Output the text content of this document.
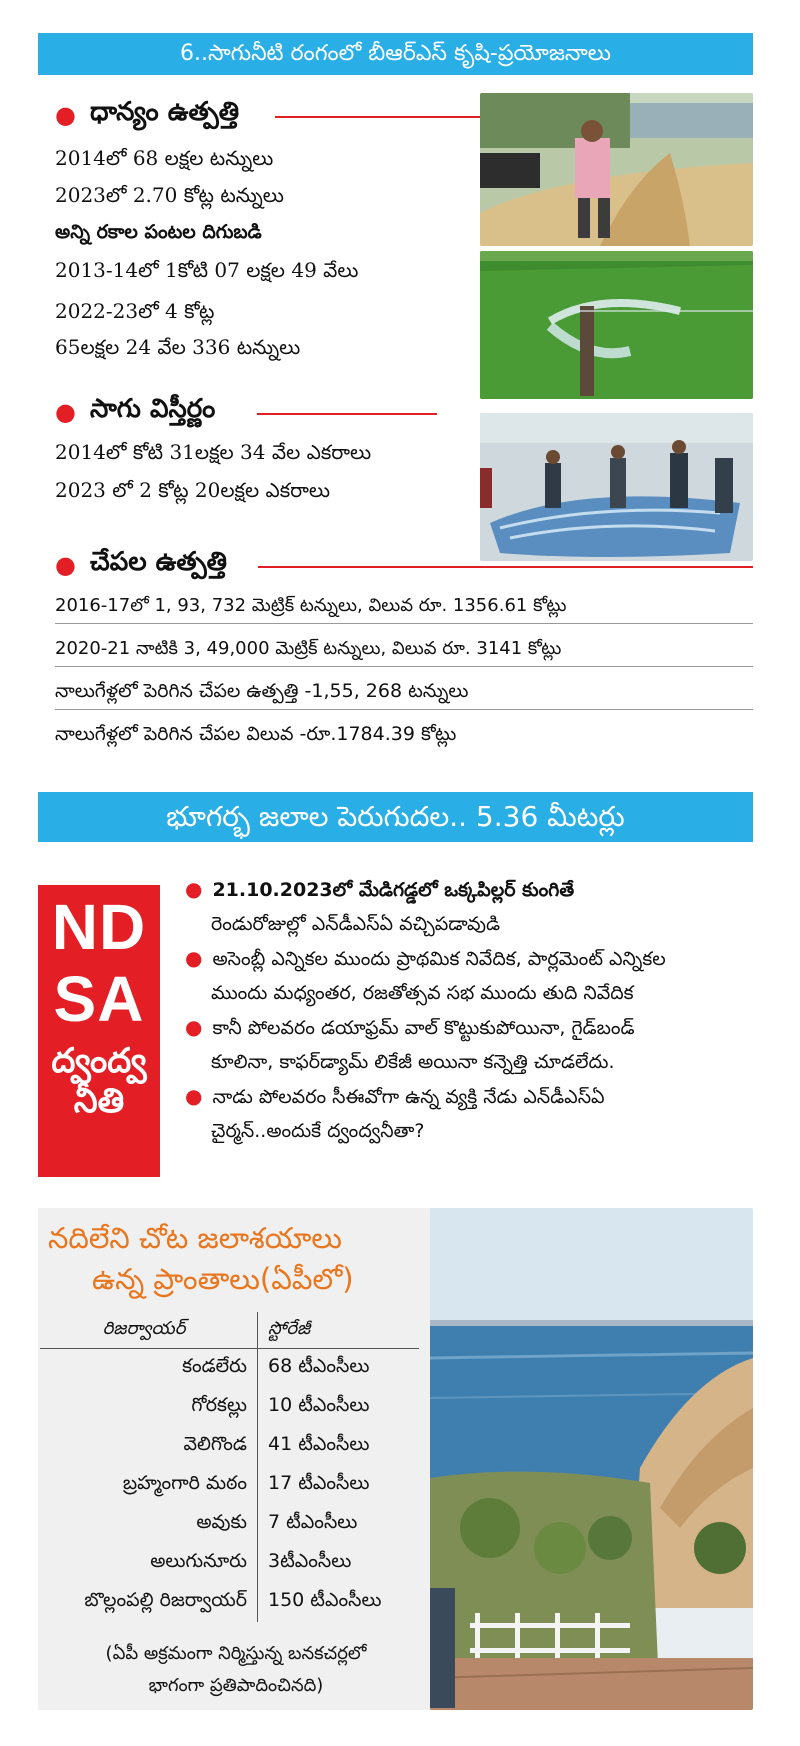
6..సాగునీటి రంగంలో బీఆర్ఎస్ కృషి-ప్రయోజనాలు
● ధాన్యం ఉత్పత్తి
2014లో 68 లక్షల టన్నులు
2023లో 2.70 కోట్ల టన్నులు
అన్ని రకాల పంటల దిగుబడి
2013-14లో 1కోటి 07 లక్షల 49 వేలు
2022-23లో 4 కోట్ల
65లక్షల 24 వేల 336 టన్నులు
● సాగు విస్తీర్ణం
2014లో కోటి 31లక్షల 34 వేల ఎకరాలు
2023 లో 2 కోట్ల 20లక్షల ఎకరాలు
● చేపల ఉత్పత్తి
2016-17లో 1, 93, 732 మెట్రిక్ టన్నులు, విలువ రూ. 1356.61 కోట్లు
2020-21 నాటికి 3, 49,000 మెట్రిక్ టన్నులు, విలువ రూ. 3141 కోట్లు
నాలుగేళ్లలో పెరిగిన చేపల ఉత్పత్తి -1,55, 268 టన్నులు
నాలుగేళ్లలో పెరిగిన చేపల విలువ -రూ.1784.39 కోట్లు
భూగర్భ జలాల పెరుగుదల.. 5.36 మీటర్లు
ND
SA
ద్వంద్వ
నీతి
● 21.10.2023లో మేడిగడ్డలో ఒక్కపిల్లర్ కుంగితే
రెండురోజుల్లో ఎన్‌డీఎస్ఏ వచ్చిపడావుడి
● అసెంబ్లీ ఎన్నికల ముందు ప్రాథమిక నివేదిక, పార్లమెంట్ ఎన్నికల
ముందు మధ్యంతర, రజతోత్సవ సభ ముందు తుది నివేదిక
● కానీ పోలవరం డయాఫ్రమ్ వాల్ కొట్టుకుపోయినా, గైడ్‌బండ్
కూలినా, కాఫర్‌డ్యామ్ లికేజీ అయినా కన్నెత్తి చూడలేదు.
● నాడు పోలవరం సీఈవోగా ఉన్న వ్యక్తి నేడు ఎన్‌డీఎస్ఏ
చైర్మన్..అందుకే ద్వంద్వనీతా?
నదిలేని చోట జలాశయాలు
ఉన్న ప్రాంతాలు(ఏపీలో)
రిజర్వాయర్	స్టోరేజీ
కండలేరు	68 టీఎంసీలు
గోరకల్లు	10 టీఎంసీలు
వెలిగొండ	41 టీఎంసీలు
బ్రహ్మంగారి మఠం	17 టీఎంసీలు
అవుకు	7 టీఎంసీలు
అలుగునూరు	3టీఎంసీలు
బొల్లంపల్లి రిజర్వాయర్	150 టీఎంసీలు
(ఏపీ అక్రమంగా నిర్మిస్తున్న బనకచర్లలో
భాగంగా ప్రతిపాదించినది)
